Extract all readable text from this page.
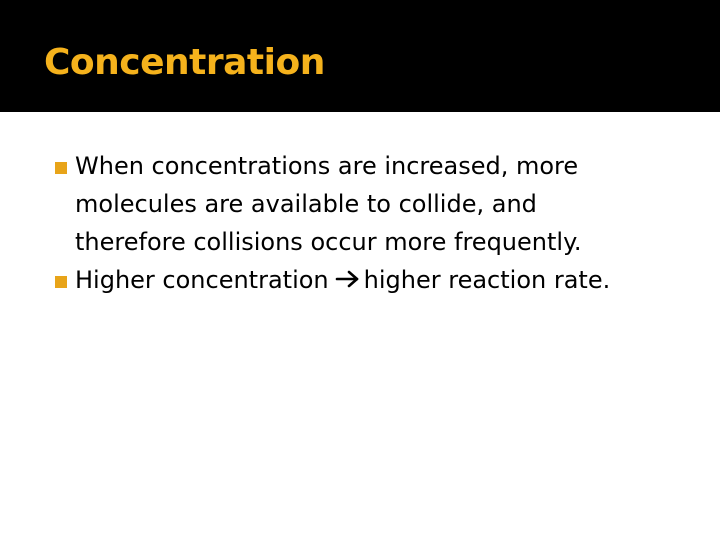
Concentration

When concentrations are increased, more
molecules are available to collide, and
therefore collisions occur more frequently.

Higher concentration higher reaction rate.
